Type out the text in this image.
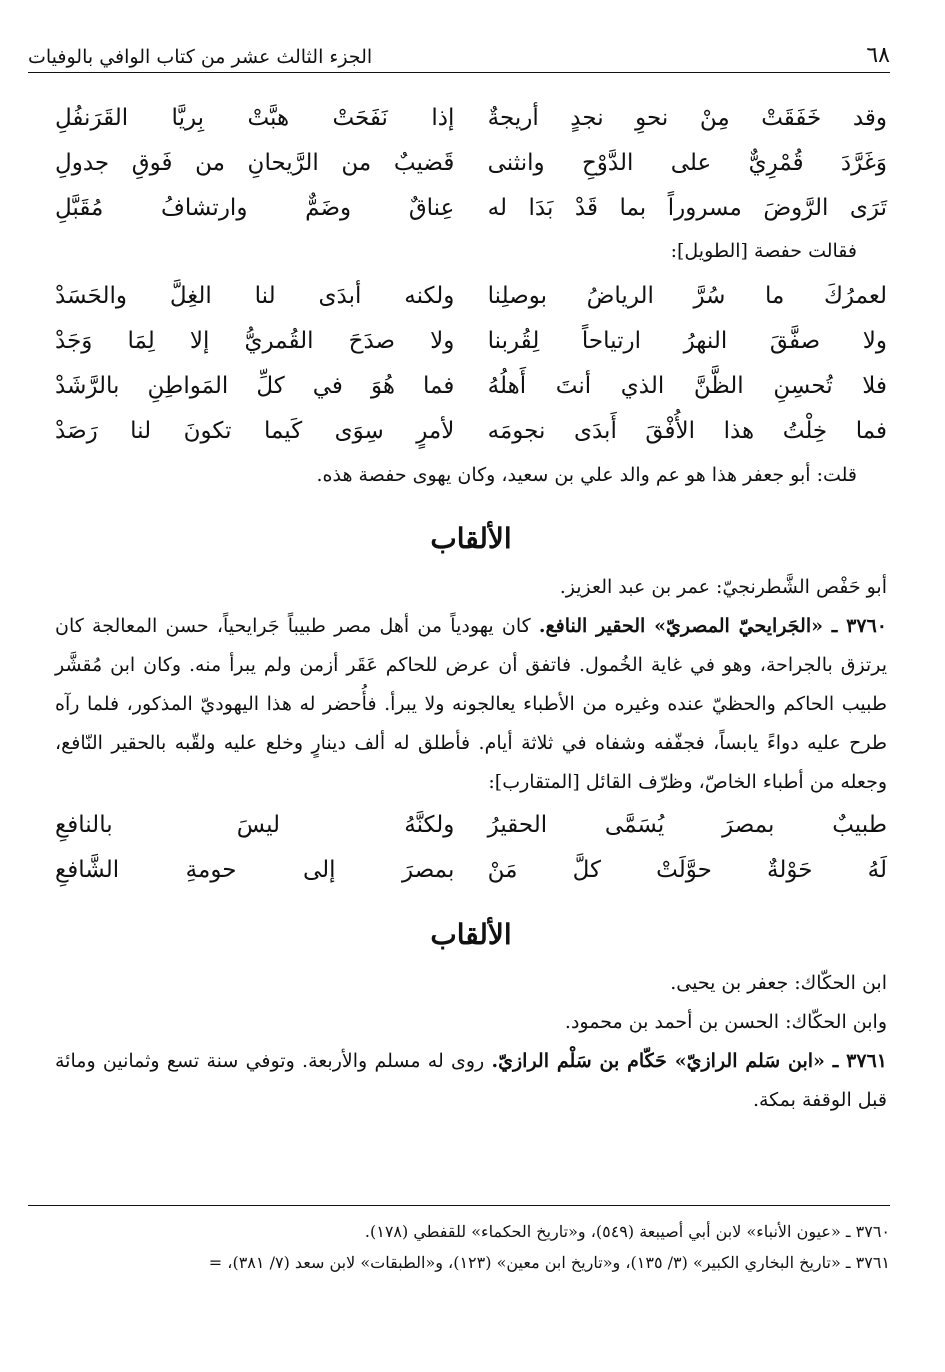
٦٨
الجزء الثالث عشر من كتاب الوافي بالوفيات
وقد خَفَقَتْ مِنْ نحوِ نجدٍ أريجةٌ
إذا نَفَحَتْ هبَّتْ بِريَّا القَرَنفُلِ
وَغَرَّدَ قُمْرِيٌّ على الدَّوْحِ وانثنى
قَضيبٌ من الرَّيحانِ من فَوقِ جدولِ
تَرَى الرَّوضَ مسروراً بما قَدْ بَدَا له
عِناقٌ وضَمٌّ وارتشافُ مُقَبَّلِ
فقالت حفصة [الطويل]:
لعمرُكَ ما سُرَّ الرياضُ بوصلِنا
ولكنه أبدَى لنا الغِلَّ والحَسَدْ
ولا صفَّقَ النهرُ ارتياحاً لِقُربنا
ولا صدَحَ القُمريُّ إلا لِمَا وَجَدْ
فلا تُحسِنِ الظَّنَّ الذي أنتَ أَهلُهُ
فما هُوَ في كلِّ المَواطِنِ بالرَّشَدْ
فما خِلْتُ هذا الأُفْقَ أَبدَى نجومَه
لأمرٍ سِوَى كَيما تكونَ لنا رَصَدْ
قلت: أبو جعفر هذا هو عم والد علي بن سعيد، وكان يهوى حفصة هذه.
الألقاب
أبو حَفْص الشَّطرنجيّ: عمر بن عبد العزيز.
٣٧٦٠ ـ «الجَرايحيّ المصريّ» الحقير النافع. كان يهودياً من أهل مصر طبيباً جَرايحياً، حسن المعالجة كان يرتزق بالجراحة، وهو في غاية الخُمول. فاتفق أن عرض للحاكم عَقَر أزمن ولم يبرأ منه. وكان ابن مُقشَّر طبيب الحاكم والحظيّ عنده وغيره من الأطباء يعالجونه ولا يبرأ. فأُحضر له هذا اليهوديّ المذكور، فلما رآه طرح عليه دواءً يابساً، فجفّفه وشفاه في ثلاثة أيام. فأطلق له ألف دينارٍ وخلع عليه ولقّبه بالحقير النّافع، وجعله من أطباء الخاصّ، وظرّف القائل [المتقارب]:
طبيبٌ بمصرَ يُسَمَّى الحقيرُ
ولكنَّهُ ليسَ بالنافعِ
لَهُ حَوْلةٌ حوَّلَتْ كلَّ مَنْ
بمصرَ إلى حومةِ الشَّافعِ
الألقاب
ابن الحكّاك: جعفر بن يحيى.
وابن الحكّاك: الحسن بن أحمد بن محمود.
٣٧٦١ ـ «ابن سَلم الرازيّ» حَكّام بن سَلْم الرازيّ. روى له مسلم والأربعة. وتوفي سنة تسع وثمانين ومائة قبل الوقفة بمكة.
٣٧٦٠ ـ «عيون الأنباء» لابن أبي أصيبعة (٥٤٩)، و«تاريخ الحكماء» للقفطي (١٧٨).
٣٧٦١ ـ «تاريخ البخاري الكبير» (٣/ ١٣٥)، و«تاريخ ابن معين» (١٢٣)، و«الطبقات» لابن سعد (٧/ ٣٨١)، =
